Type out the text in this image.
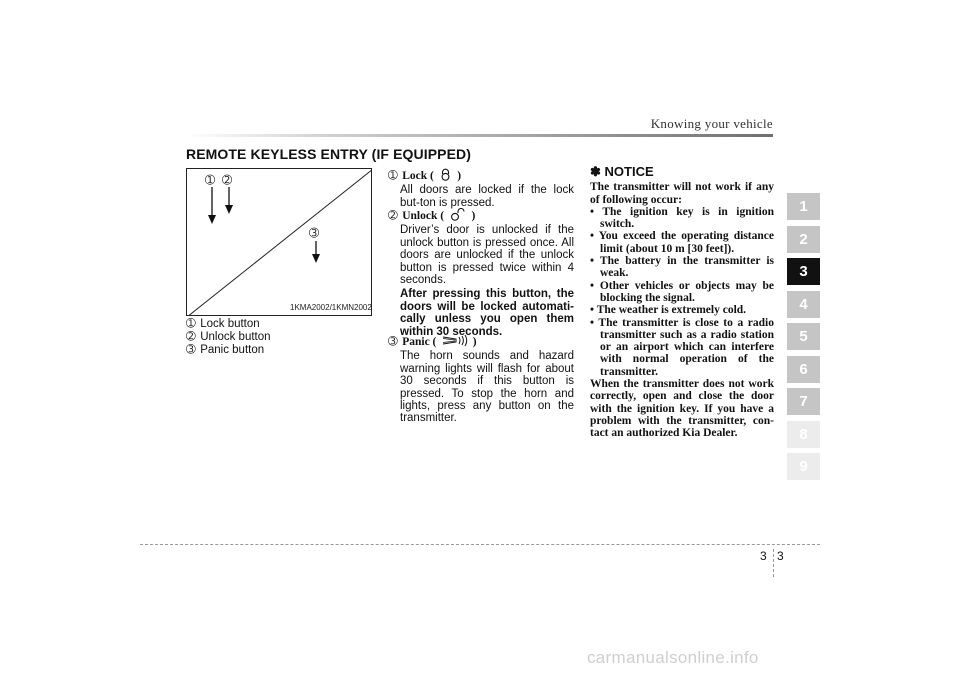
Knowing your vehicle
REMOTE KEYLESS ENTRY (IF EQUIPPED)
➀ ➁
➂
1KMA2002/1KMN2002
➀ Lock button
➁ Unlock button
➂ Panic button
➀ Lock ( )
All doors are locked if the lock but-ton is pressed.
➁ Unlock ( )
Driver’s door is unlocked if the unlock button is pressed once. All doors are unlocked if the unlock button is pressed twice within 4 seconds.
After pressing this button, the doors will be locked automati-cally unless you open them within 30 seconds.
➂ Panic (	)
The horn sounds and hazard warning lights will flash for about 30 seconds if this button is pressed. To stop the horn and lights, press any button on the transmitter.
✽ NOTICE
The transmitter will not work if any of following occur:
• The ignition key is in ignition switch.
• You exceed the operating distance limit (about 10 m [30 feet]).
• The battery in the transmitter is weak.
• Other vehicles or objects may be blocking the signal.
• The weather is extremely cold.
• The transmitter is close to a radio transmitter such as a radio station or an airport which can interfere with normal operation of the transmitter.
When the transmitter does not work correctly, open and close the door with the ignition key. If you have a problem with the transmitter, con-tact an authorized Kia Dealer.
1
2
3
4
5
6
7
8
9
3 3
carmanualsonline.info
